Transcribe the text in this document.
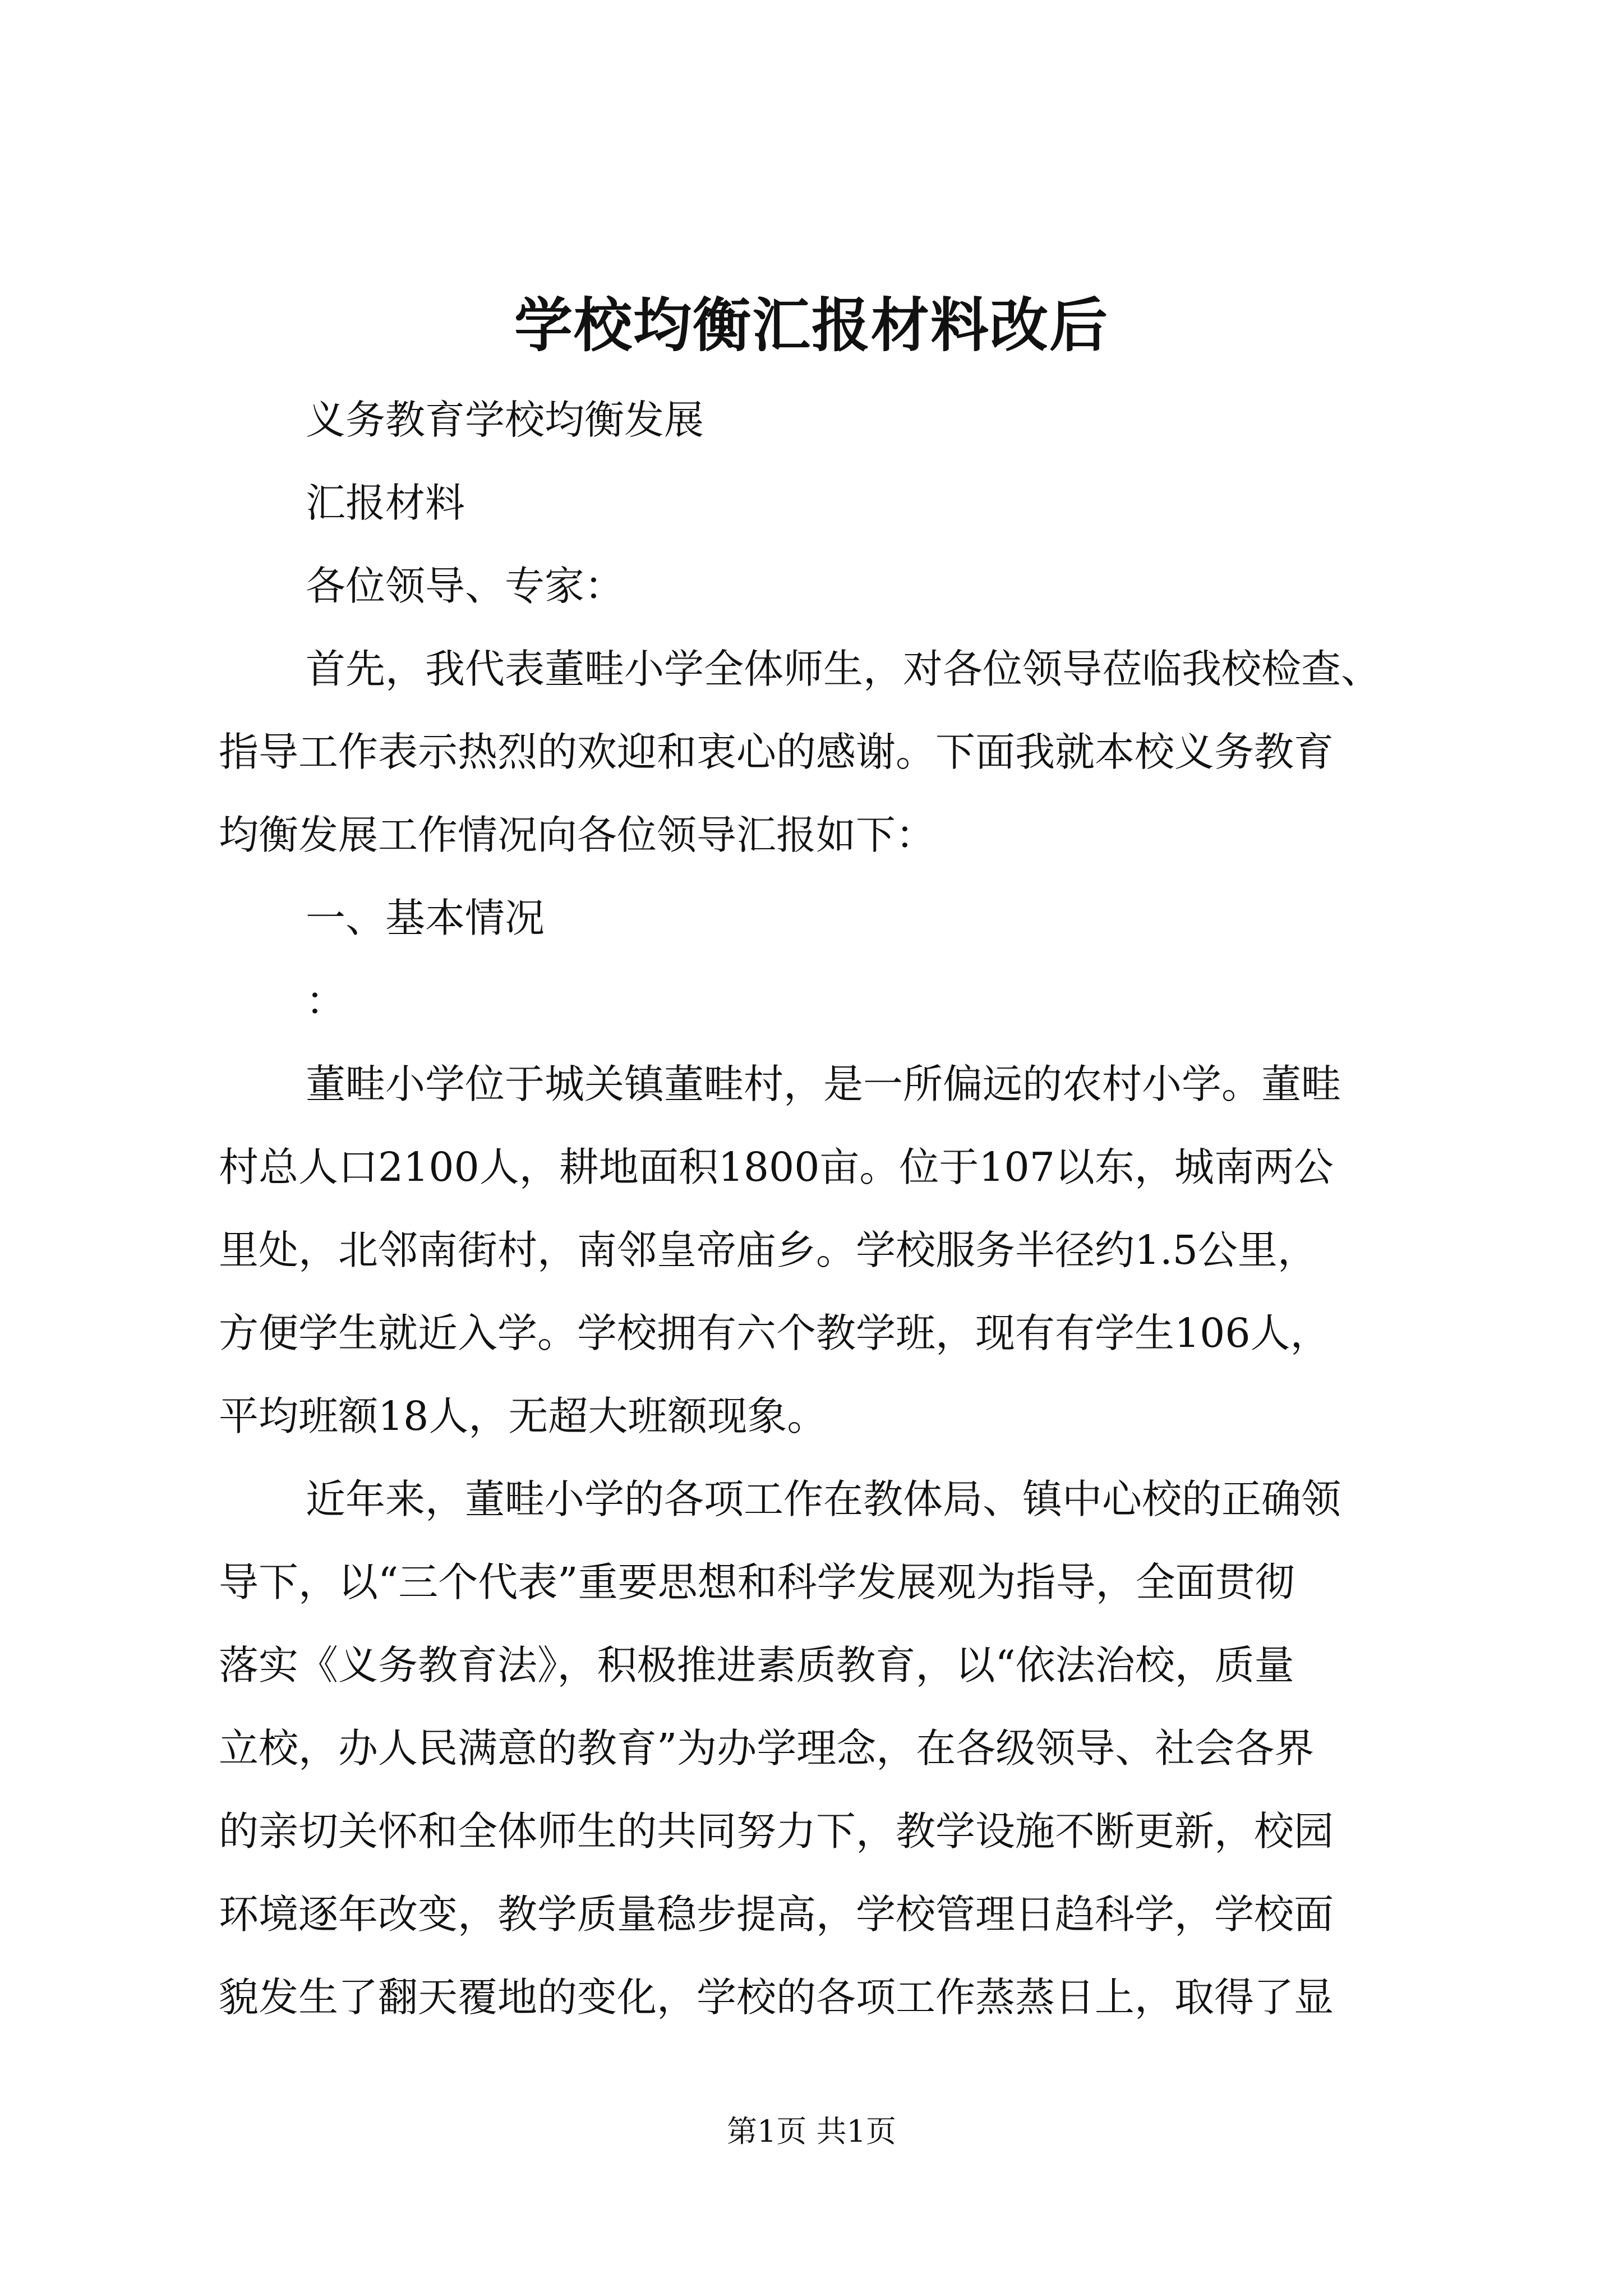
学校均衡汇报材料改后
义务教育学校均衡发展
汇报材料
各位领导、专家：
首先，我代表董畦小学全体师生，对各位领导莅临我校检查、
指导工作表示热烈的欢迎和衷心的感谢。下面我就本校义务教育
均衡发展工作情况向各位领导汇报如下：
一、基本情况
：
董畦小学位于城关镇董畦村，是一所偏远的农村小学。董畦
村总人口2100人，耕地面积1800亩。位于107以东，城南两公
里处，北邻南街村，南邻皇帝庙乡。学校服务半径约1.5公里，
方便学生就近入学。学校拥有六个教学班，现有有学生106人，
平均班额18人，无超大班额现象。
近年来，董畦小学的各项工作在教体局、镇中心校的正确领
导下，以“三个代表”重要思想和科学发展观为指导，全面贯彻
落实《义务教育法》，积极推进素质教育，以“依法治校，质量
立校，办人民满意的教育”为办学理念，在各级领导、社会各界
的亲切关怀和全体师生的共同努力下，教学设施不断更新，校园
环境逐年改变，教学质量稳步提高，学校管理日趋科学，学校面
貌发生了翻天覆地的变化，学校的各项工作蒸蒸日上，取得了显
第1页 共1页
